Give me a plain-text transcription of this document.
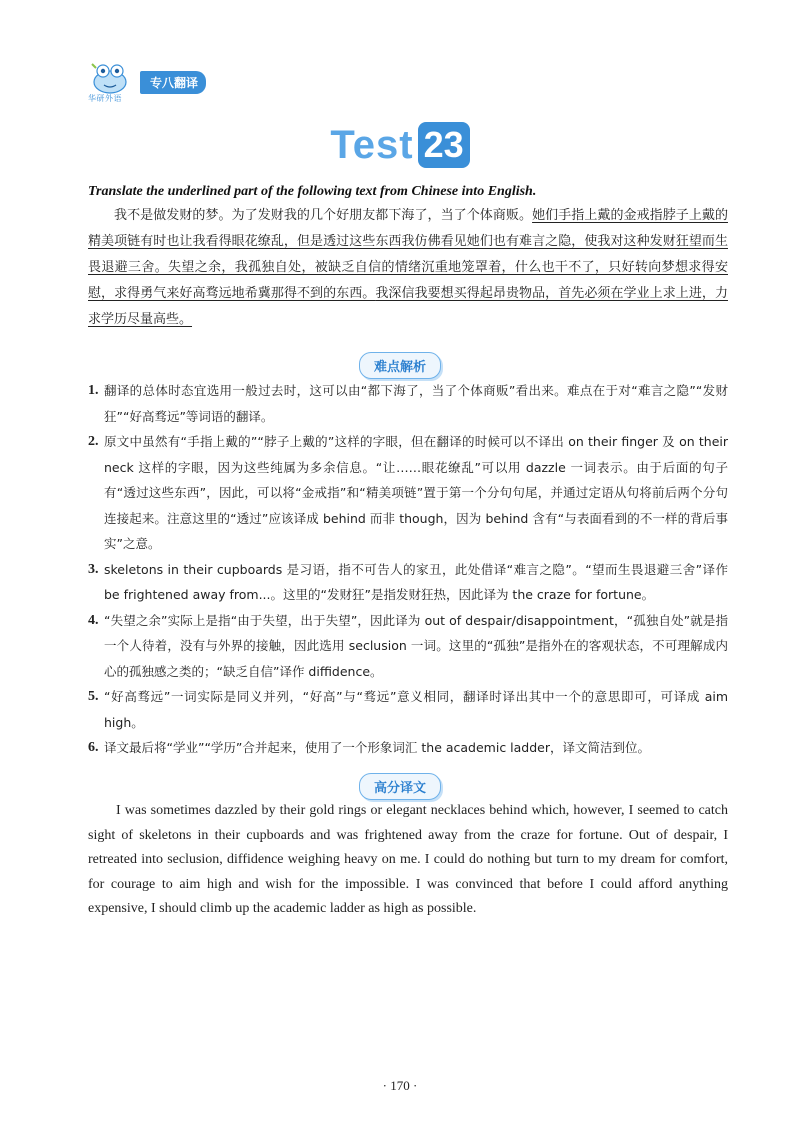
华研外语
专八翻译
Test 23
Translate the underlined part of the following text from Chinese into English.

我不是做发财的梦。为了发财我的几个好朋友都下海了，当了个体商贩。她们手指上戴的金戒指脖子上戴的精美项链有时也让我看得眼花缭乱，但是透过这些东西我仿佛看见她们也有难言之隐，使我对这种发财狂望而生畏退避三舍。失望之余，我孤独自处，被缺乏自信的情绪沉重地笼罩着，什么也干不了，只好转向梦想求得安慰，求得勇气来好高骛远地希冀那得不到的东西。我深信我要想买得起昂贵物品，首先必须在学业上求上进，力求学历尽量高些。

难点解析
1. 翻译的总体时态宜选用一般过去时，这可以由“都下海了，当了个体商贩”看出来。难点在于对“难言之隐”“发财狂”“好高骛远”等词语的翻译。
2. 原文中虽然有“手指上戴的”“脖子上戴的”这样的字眼，但在翻译的时候可以不译出 on their finger 及 on their neck 这样的字眼，因为这些纯属为多余信息。“让……眼花缭乱”可以用 dazzle 一词表示。由于后面的句子有“透过这些东西”，因此，可以将“金戒指”和“精美项链”置于第一个分句句尾，并通过定语从句将前后两个分句连接起来。注意这里的“透过”应该译成 behind 而非 though，因为 behind 含有“与表面看到的不一样的背后事实”之意。
3. skeletons in their cupboards 是习语，指不可告人的家丑，此处借译“难言之隐”。“望而生畏退避三舍”译作 be frightened away from...。这里的“发财狂”是指发财狂热，因此译为 the craze for fortune。
4. “失望之余”实际上是指“由于失望，出于失望”，因此译为 out of despair/disappointment，“孤独自处”就是指一个人待着，没有与外界的接触，因此选用 seclusion 一词。这里的“孤独”是指外在的客观状态，不可理解成内心的孤独感之类的；“缺乏自信”译作 diffidence。
5. “好高骛远”一词实际是同义并列，“好高”与“骛远”意义相同，翻译时译出其中一个的意思即可，可译成 aim high。
6. 译文最后将“学业”“学历”合并起来，使用了一个形象词汇 the academic ladder，译文简洁到位。
高分译文

I was sometimes dazzled by their gold rings or elegant necklaces behind which, however, I seemed to catch sight of skeletons in their cupboards and was frightened away from the craze for fortune. Out of despair, I retreated into seclusion, diffidence weighing heavy on me. I could do nothing but turn to my dream for comfort, for courage to aim high and wish for the impossible. I was convinced that before I could afford anything expensive, I should climb up the academic ladder as high as possible.

· 170 ·
